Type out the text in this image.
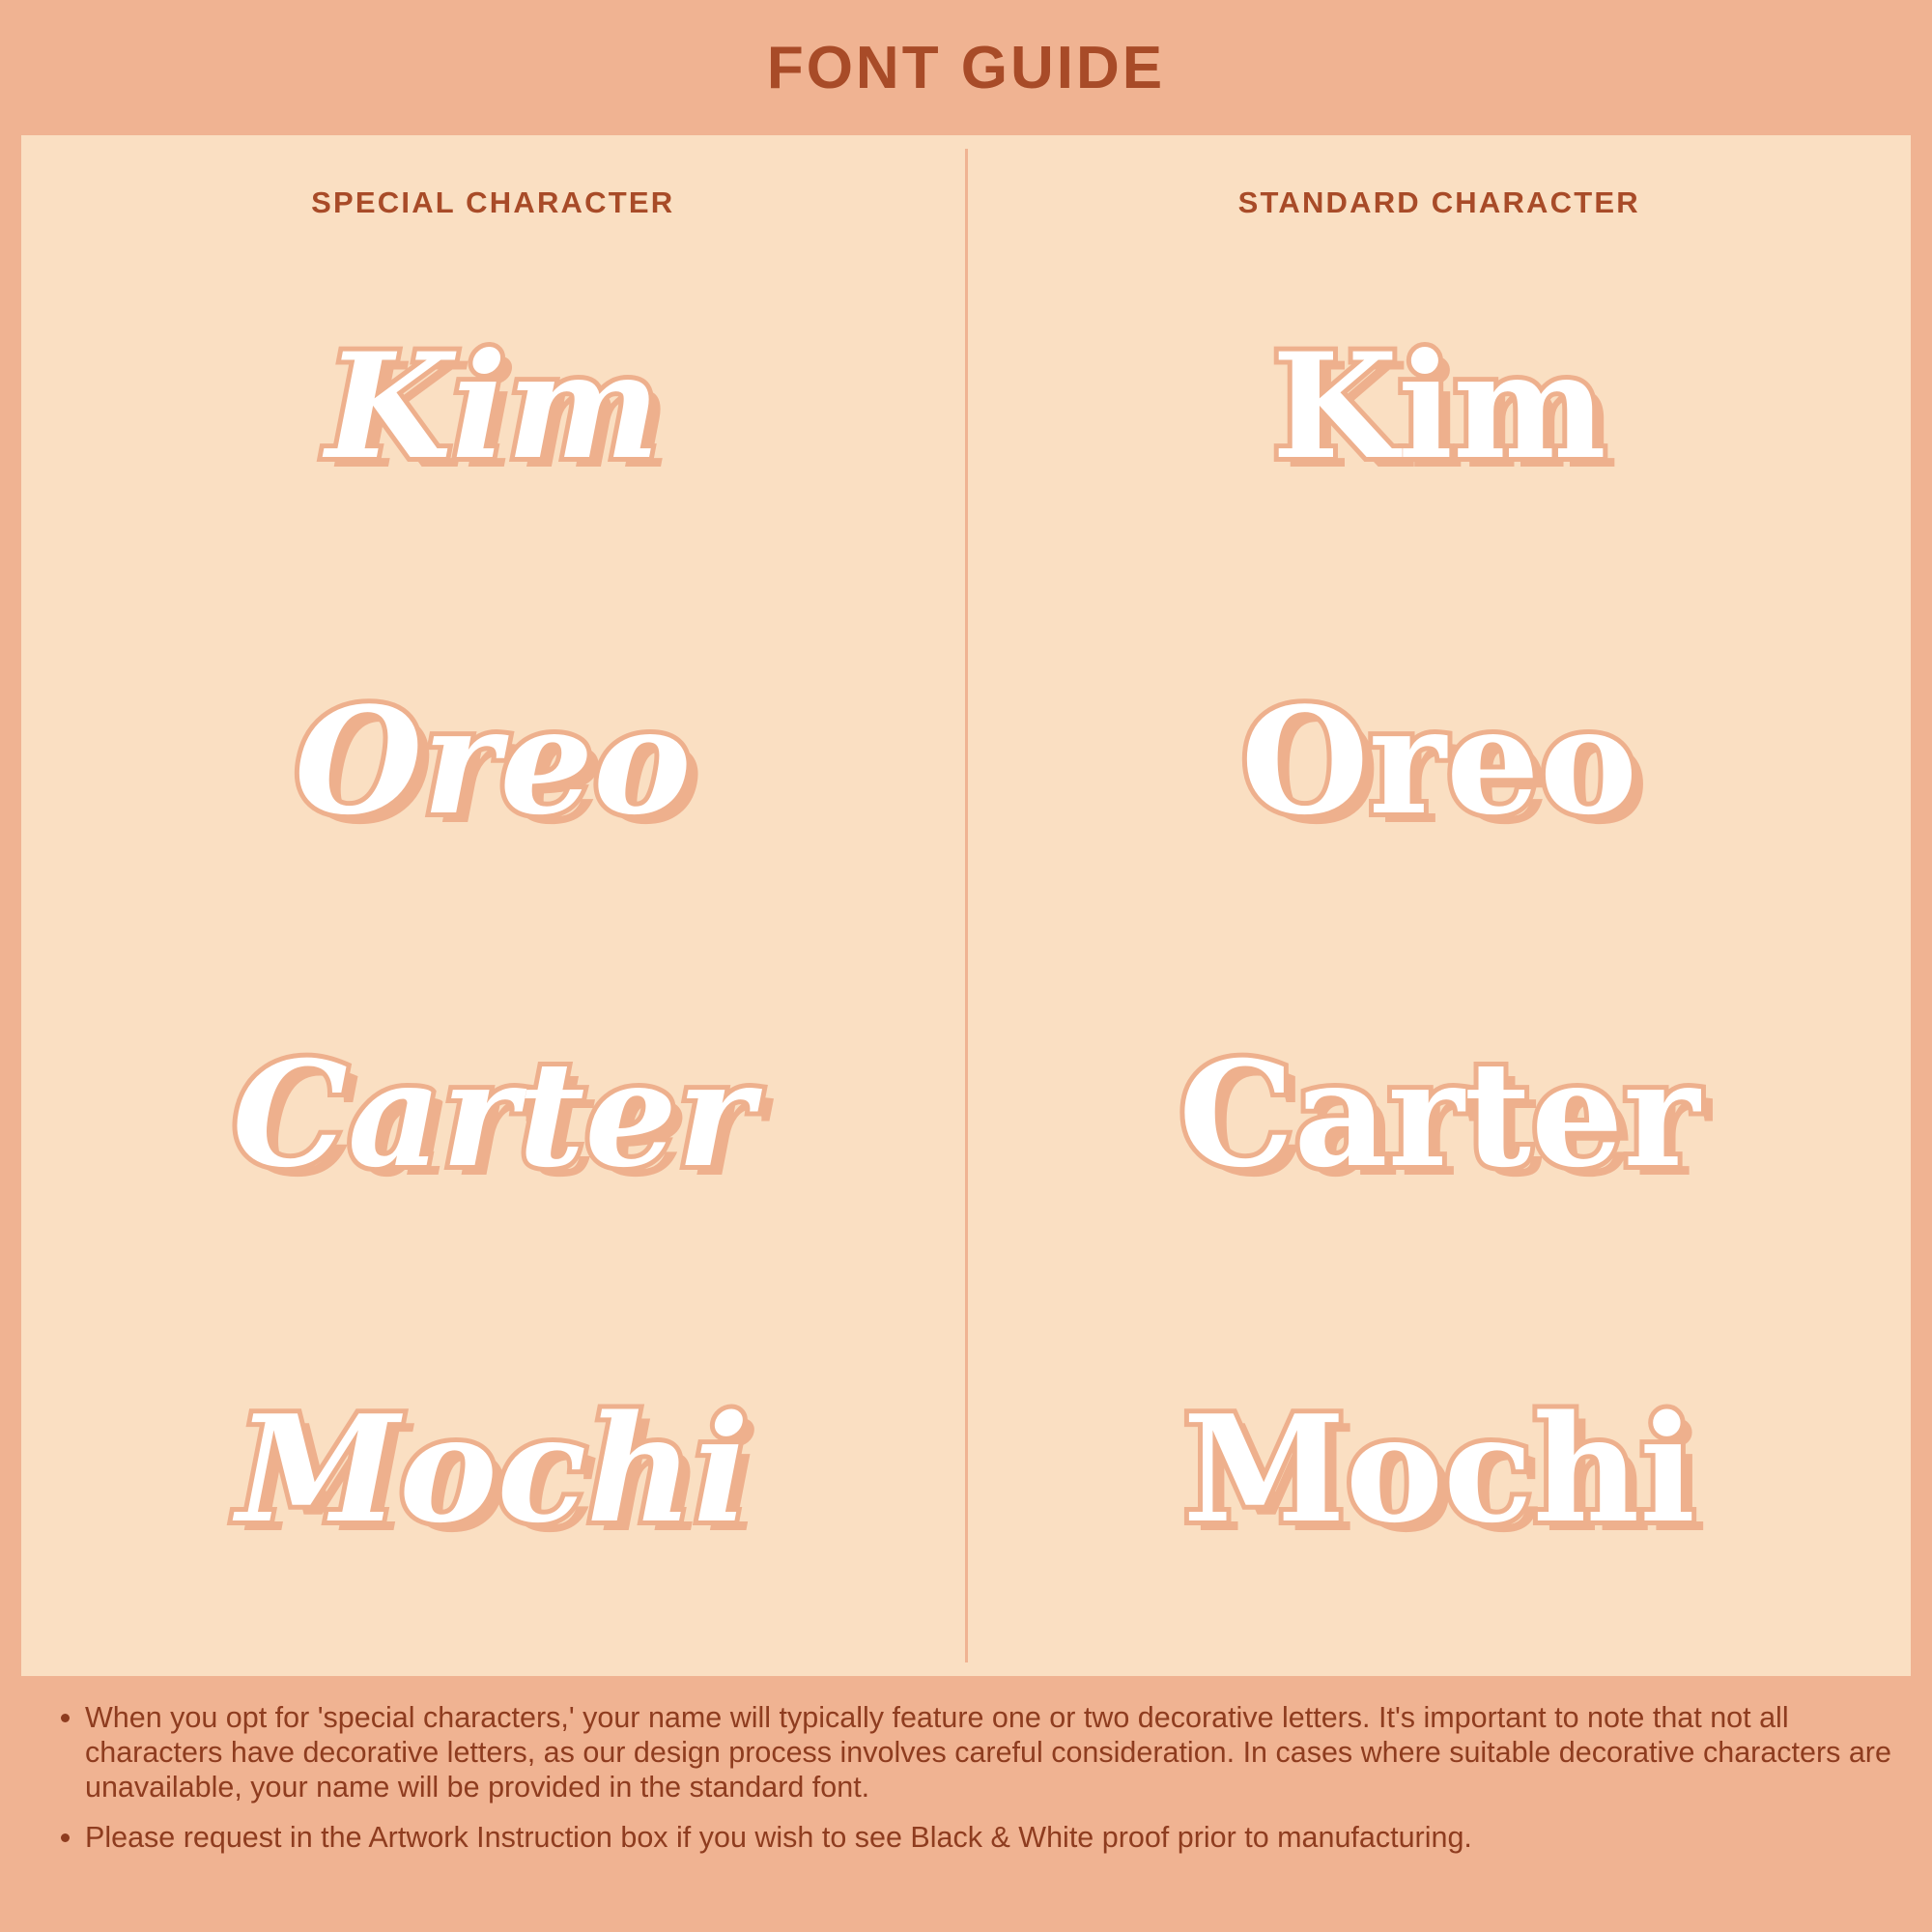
FONT GUIDE
SPECIAL CHARACTER
Kim
Oreo
Carter
Mochi
STANDARD CHARACTER
Kim
Oreo
Carter
Mochi
• When you opt for 'special characters,' your name will typically feature one or two decorative letters. It's important to note that not all characters have decorative letters, as our design process involves careful consideration. In cases where suitable decorative characters are unavailable, your name will be provided in the standard font.
• Please request in the Artwork Instruction box if you wish to see Black & White proof prior to manufacturing.
